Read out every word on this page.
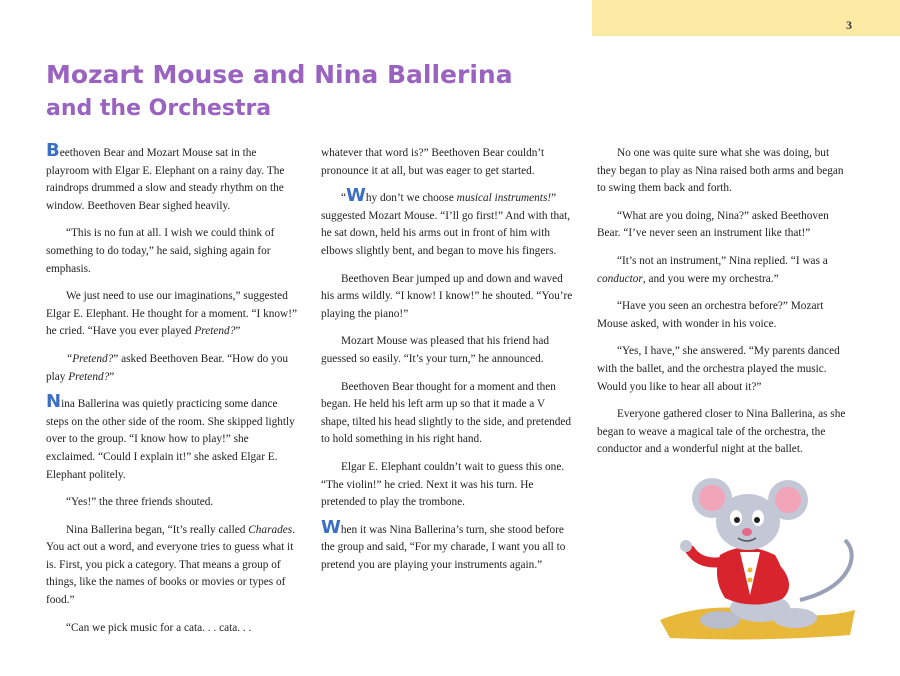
3
Mozart Mouse and Nina Ballerina
and the Orchestra

Beethoven Bear and Mozart Mouse sat in the playroom with Elgar E. Elephant on a rainy day. The raindrops drummed a slow and steady rhythm on the window. Beethoven Bear sighed heavily.

“This is no fun at all. I wish we could think of something to do today,” he said, sighing again for emphasis.

We just need to use our imaginations,” suggested Elgar E. Elephant. He thought for a moment. “I know!” he cried. “Have you ever played Pretend?”

“Pretend?” asked Beethoven Bear. “How do you play Pretend?”

Nina Ballerina was quietly practicing some dance steps on the other side of the room. She skipped lightly over to the group. “I know how to play!” she exclaimed. “Could I explain it!” she asked Elgar E. Elephant politely.

“Yes!” the three friends shouted.

Nina Ballerina began, “It’s really called Charades. You act out a word, and everyone tries to guess what it is. First, you pick a category. That means a group of things, like the names of books or movies or types of food.”

“Can we pick music for a cata. . . cata. . .

whatever that word is?” Beethoven Bear couldn’t pronounce it at all, but was eager to get started.

“Why don’t we choose musical instruments!” suggested Mozart Mouse. “I’ll go first!” And with that, he sat down, held his arms out in front of him with elbows slightly bent, and began to move his fingers.

Beethoven Bear jumped up and down and waved his arms wildly. “I know! I know!” he shouted. “You’re playing the piano!”

Mozart Mouse was pleased that his friend had guessed so easily. “It’s your turn,” he announced.

Beethoven Bear thought for a moment and then began. He held his left arm up so that it made a V shape, tilted his head slightly to the side, and pretended to hold something in his right hand.

Elgar E. Elephant couldn’t wait to guess this one. “The violin!” he cried. Next it was his turn. He pretended to play the trombone.

When it was Nina Ballerina’s turn, she stood before the group and said, “For my charade, I want you all to pretend you are playing your instruments again.”

No one was quite sure what she was doing, but they began to play as Nina raised both arms and began to swing them back and forth.

“What are you doing, Nina?” asked Beethoven Bear. “I’ve never seen an instrument like that!”

“It’s not an instrument,” Nina replied. “I was a conductor, and you were my orchestra.”

“Have you seen an orchestra before?” Mozart Mouse asked, with wonder in his voice.

“Yes, I have,” she answered. “My parents danced with the ballet, and the orchestra played the music. Would you like to hear all about it?”

Everyone gathered closer to Nina Ballerina, as she began to weave a magical tale of the orchestra, the conductor and a wonderful night at the ballet.
